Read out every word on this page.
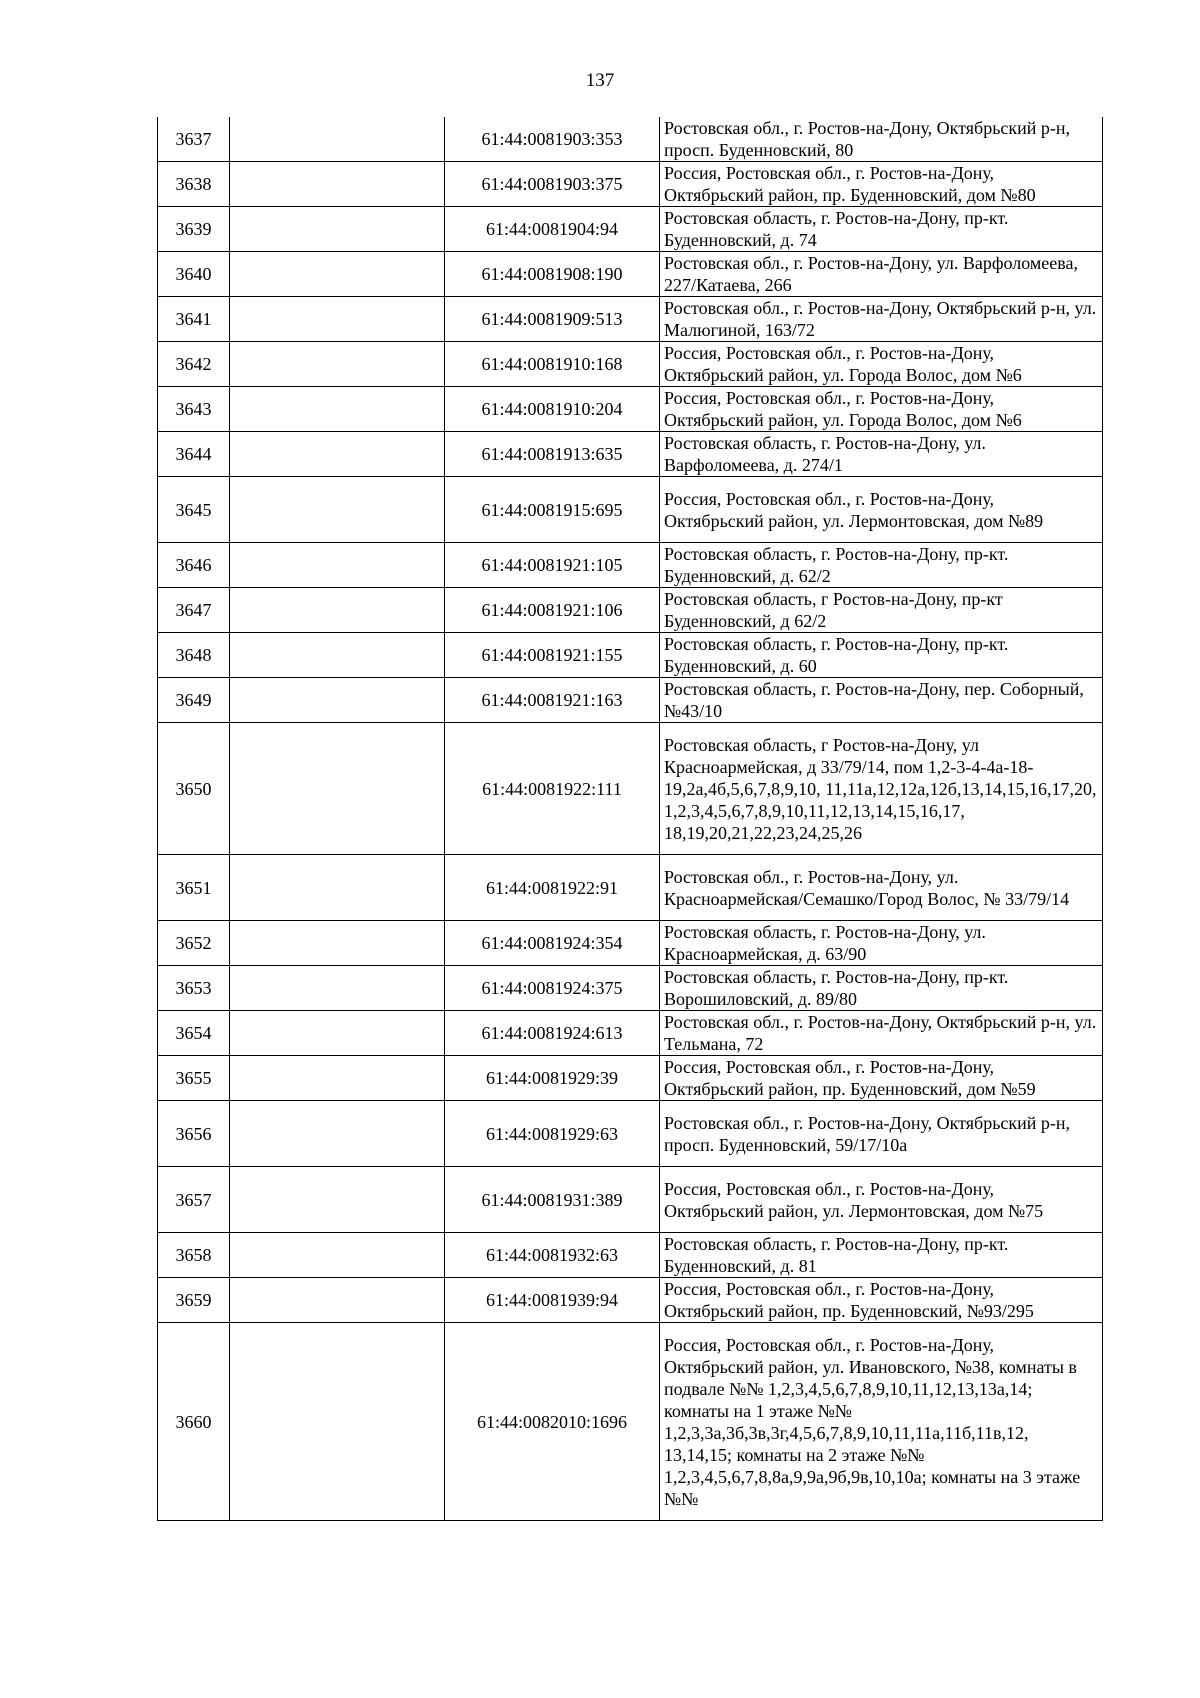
137
3637		61:44:0081903:353	Ростовская обл., г. Ростов-на-Дону, Октябрьский р-н, просп. Буденновский, 80
3638		61:44:0081903:375	Россия, Ростовская обл., г. Ростов-на-Дону, Октябрьский район, пр. Буденновский, дом №80
3639		61:44:0081904:94	Ростовская область, г. Ростов-на-Дону, пр-кт. Буденновский, д. 74
3640		61:44:0081908:190	Ростовская обл., г. Ростов-на-Дону, ул. Варфоломеева, 227/Катаева, 266
3641		61:44:0081909:513	Ростовская обл., г. Ростов-на-Дону, Октябрьский р-н, ул. Малюгиной, 163/72
3642		61:44:0081910:168	Россия, Ростовская обл., г. Ростов-на-Дону, Октябрьский район, ул. Города Волос, дом №6
3643		61:44:0081910:204	Россия, Ростовская обл., г. Ростов-на-Дону, Октябрьский район, ул. Города Волос, дом №6
3644		61:44:0081913:635	Ростовская область, г. Ростов-на-Дону, ул. Варфоломеева, д. 274/1
3645		61:44:0081915:695	Россия, Ростовская обл., г. Ростов-на-Дону, Октябрьский район, ул. Лермонтовская, дом №89
3646		61:44:0081921:105	Ростовская область, г. Ростов-на-Дону, пр-кт. Буденновский, д. 62/2
3647		61:44:0081921:106	Ростовская область, г Ростов-на-Дону, пр-кт Буденновский, д 62/2
3648		61:44:0081921:155	Ростовская область, г. Ростов-на-Дону, пр-кт. Буденновский, д. 60
3649		61:44:0081921:163	Ростовская область, г. Ростов-на-Дону, пер. Соборный, №43/10
3650		61:44:0081922:111	Ростовская область, г Ростов-на-Дону, ул Красноармейская, д 33/79/14, пом 1,2-3-4-4а-18-19,2а,4б,5,6,7,8,9,10, 11,11а,12,12а,12б,13,14,15,16,17,20, 1,2,3,4,5,6,7,8,9,10,11,12,13,14,15,16,17, 18,19,20,21,22,23,24,25,26
3651		61:44:0081922:91	Ростовская обл., г. Ростов-на-Дону, ул. Красноармейская/Семашко/Город Волос, № 33/79/14
3652		61:44:0081924:354	Ростовская область, г. Ростов-на-Дону, ул. Красноармейская, д. 63/90
3653		61:44:0081924:375	Ростовская область, г. Ростов-на-Дону, пр-кт. Ворошиловский, д. 89/80
3654		61:44:0081924:613	Ростовская обл., г. Ростов-на-Дону, Октябрьский р-н, ул. Тельмана, 72
3655		61:44:0081929:39	Россия, Ростовская обл., г. Ростов-на-Дону, Октябрьский район, пр. Буденновский, дом №59
3656		61:44:0081929:63	Ростовская обл., г. Ростов-на-Дону, Октябрьский р-н, просп. Буденновский, 59/17/10а
3657		61:44:0081931:389	Россия, Ростовская обл., г. Ростов-на-Дону, Октябрьский район, ул. Лермонтовская, дом №75
3658		61:44:0081932:63	Ростовская область, г. Ростов-на-Дону, пр-кт. Буденновский, д. 81
3659		61:44:0081939:94	Россия, Ростовская обл., г. Ростов-на-Дону, Октябрьский район, пр. Буденновский, №93/295
3660		61:44:0082010:1696	Россия, Ростовская обл., г. Ростов-на-Дону, Октябрьский район, ул. Ивановского, №38, комнаты в подвале №№ 1,2,3,4,5,6,7,8,9,10,11,12,13,13а,14; комнаты на 1 этаже №№ 1,2,3,3а,3б,3в,3г,4,5,6,7,8,9,10,11,11а,11б,11в,12, 13,14,15; комнаты на 2 этаже №№ 1,2,3,4,5,6,7,8,8а,9,9а,9б,9в,10,10а; комнаты на 3 этаже №№
